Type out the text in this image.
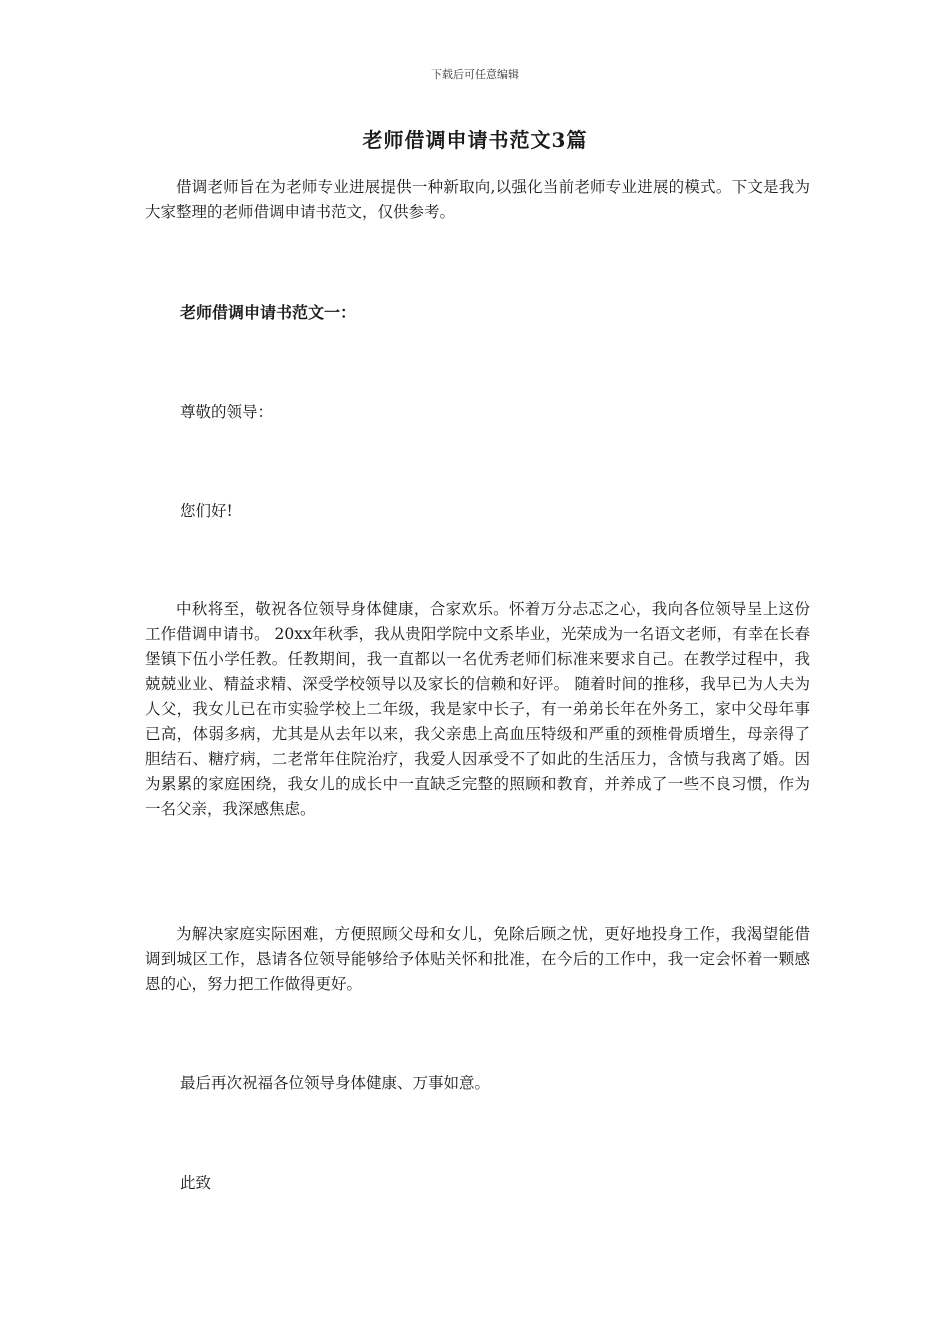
下载后可任意编辑
老师借调申请书范文3篇
借调老师旨在为老师专业进展提供一种新取向,以强化当前老师专业进展的模式。下文是我为大家整理的老师借调申请书范文，仅供参考。
老师借调申请书范文一：
尊敬的领导：
您们好!
中秋将至，敬祝各位领导身体健康，合家欢乐。怀着万分忐忑之心，我向各位领导呈上这份工作借调申请书。 20xx年秋季，我从贵阳学院中文系毕业，光荣成为一名语文老师，有幸在长春堡镇下伍小学任教。任教期间，我一直都以一名优秀老师们标准来要求自己。在教学过程中，我兢兢业业、精益求精、深受学校领导以及家长的信赖和好评。 随着时间的推移，我早已为人夫为人父，我女儿已在市实验学校上二年级，我是家中长子，有一弟弟长年在外务工，家中父母年事已高，体弱多病，尤其是从去年以来，我父亲患上高血压特级和严重的颈椎骨质增生，母亲得了胆结石、糖疗病，二老常年住院治疗，我爱人因承受不了如此的生活压力，含愤与我离了婚。因为累累的家庭困绕，我女儿的成长中一直缺乏完整的照顾和教育，并养成了一些不良习惯，作为一名父亲，我深感焦虑。
为解决家庭实际困难，方便照顾父母和女儿，免除后顾之忧，更好地投身工作，我渴望能借调到城区工作，恳请各位领导能够给予体贴关怀和批准，在今后的工作中，我一定会怀着一颗感恩的心，努力把工作做得更好。
最后再次祝福各位领导身体健康、万事如意。
此致
